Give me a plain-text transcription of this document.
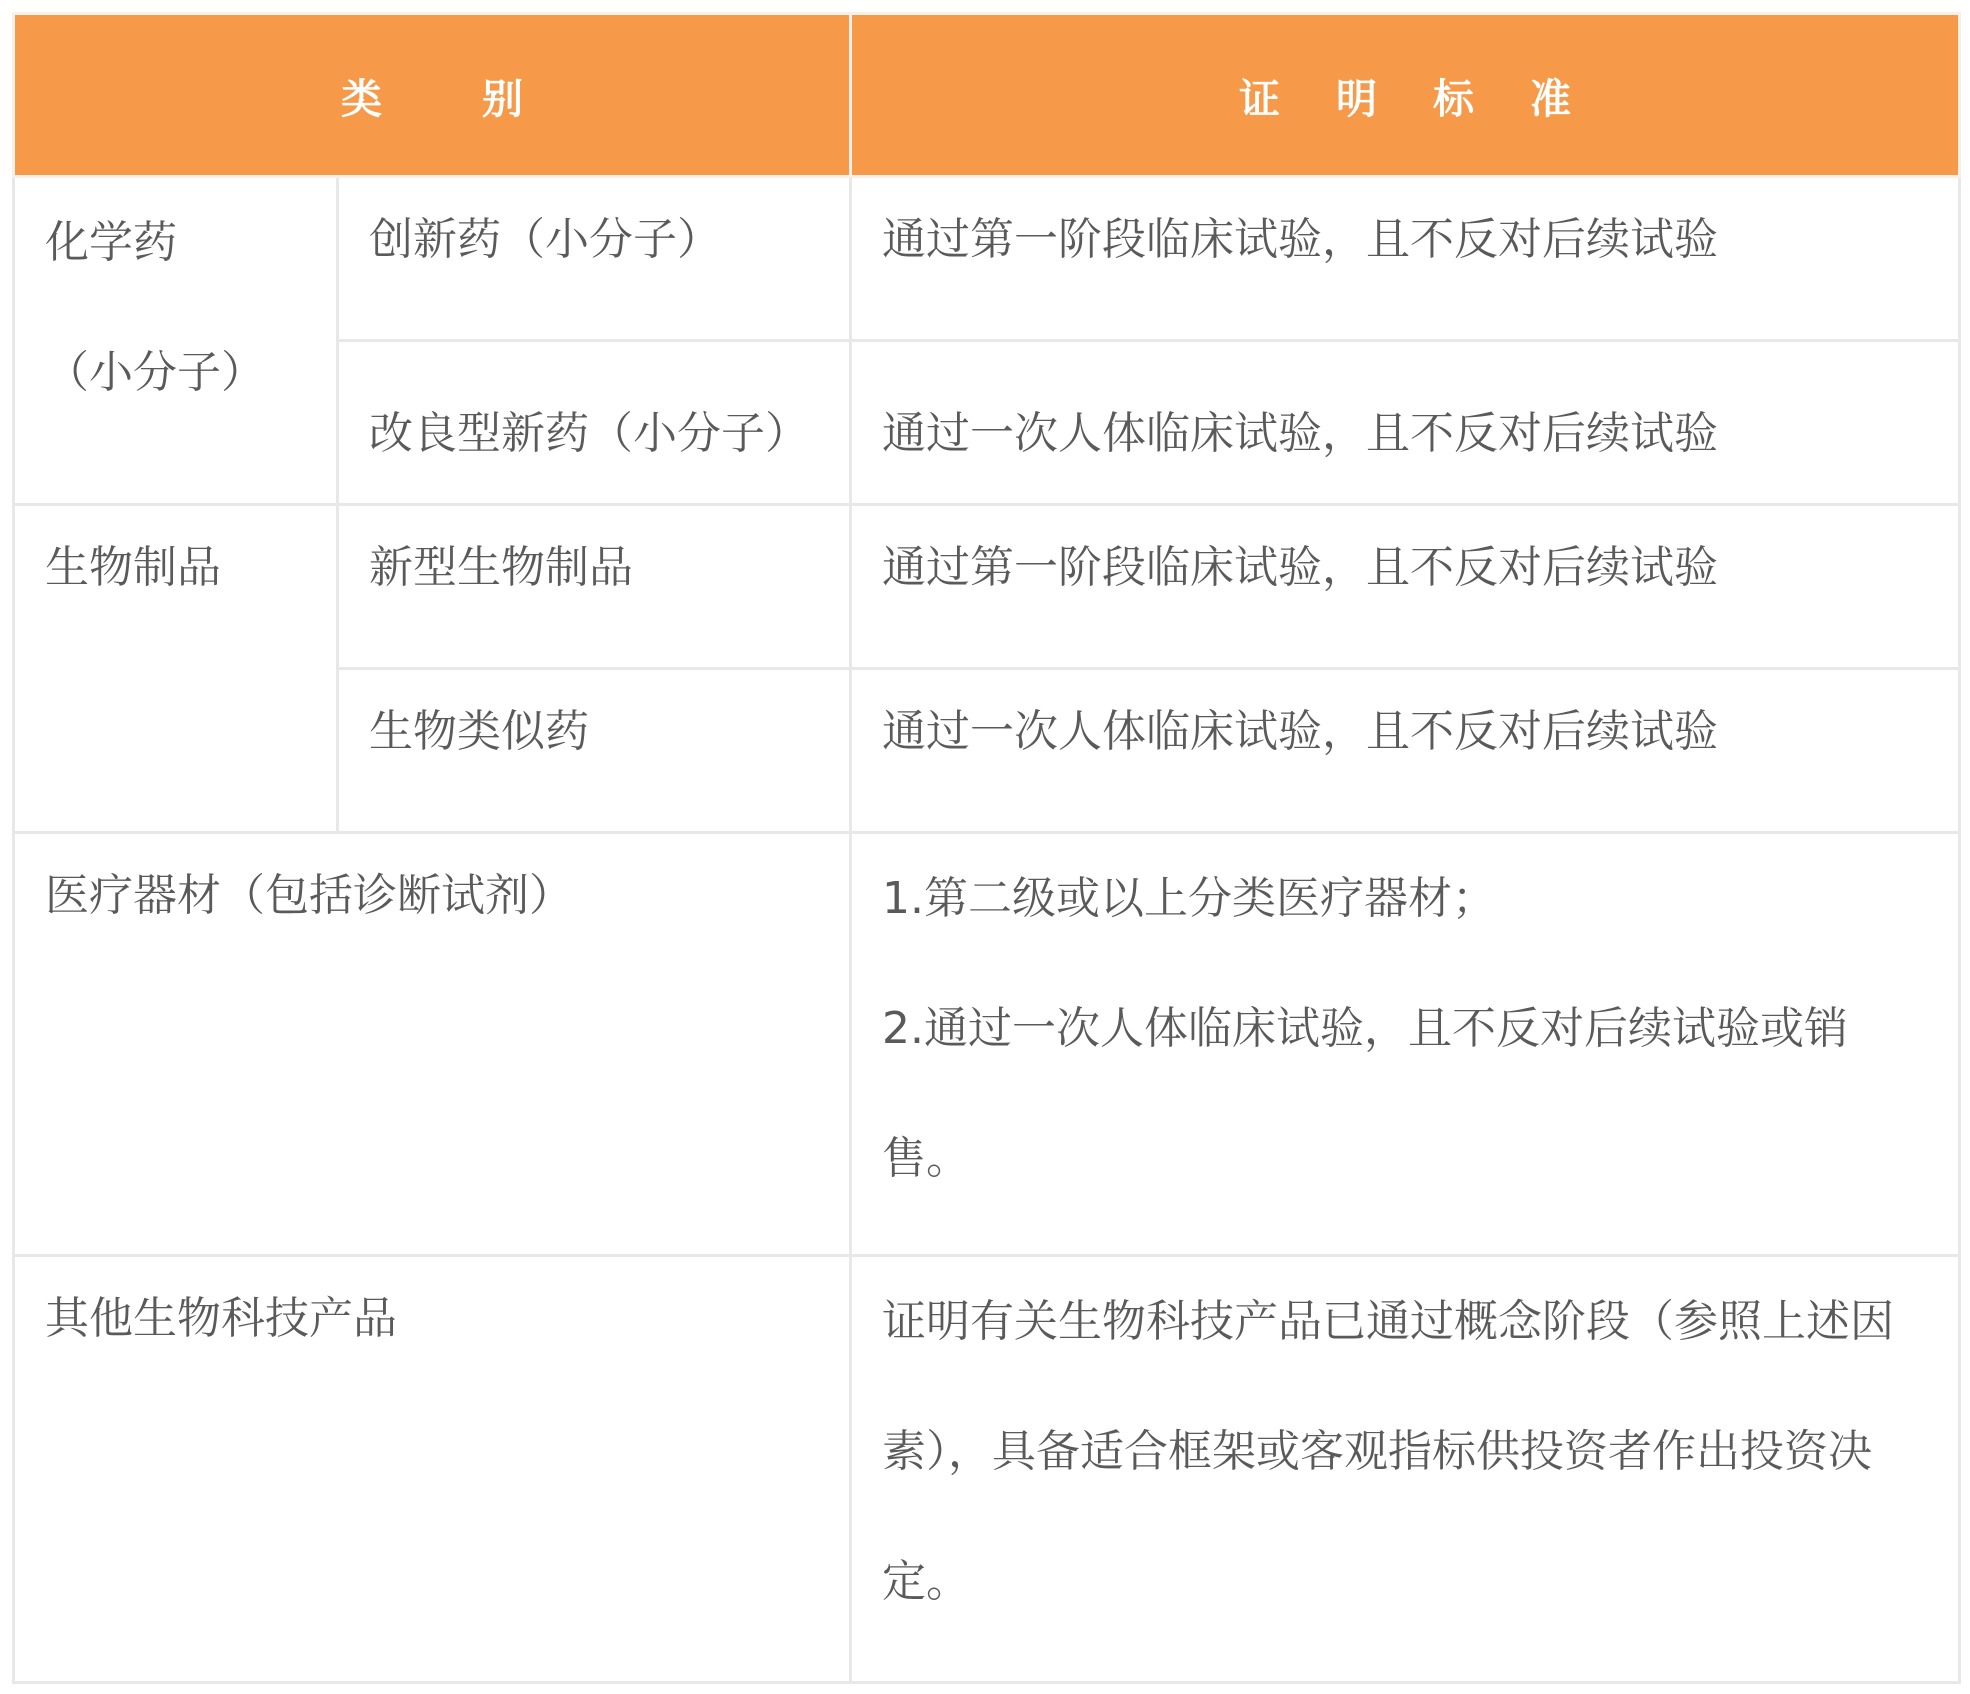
类别		证明标准

化学药
（小分子）	创新药（小分子）	通过第一阶段临床试验，且不反对后续试验
	改良型新药（小分子）	通过一次人体临床试验，且不反对后续试验
生物制品	新型生物制品	通过第一阶段临床试验，且不反对后续试验
	生物类似药	通过一次人体临床试验，且不反对后续试验
医疗器材（包括诊断试剂）		1.第二级或以上分类医疗器材；
2.通过一次人体临床试验，且不反对后续试验或销售。
其他生物科技产品		证明有关生物科技产品已通过概念阶段（参照上述因素），具备适合框架或客观指标供投资者作出投资决定。
